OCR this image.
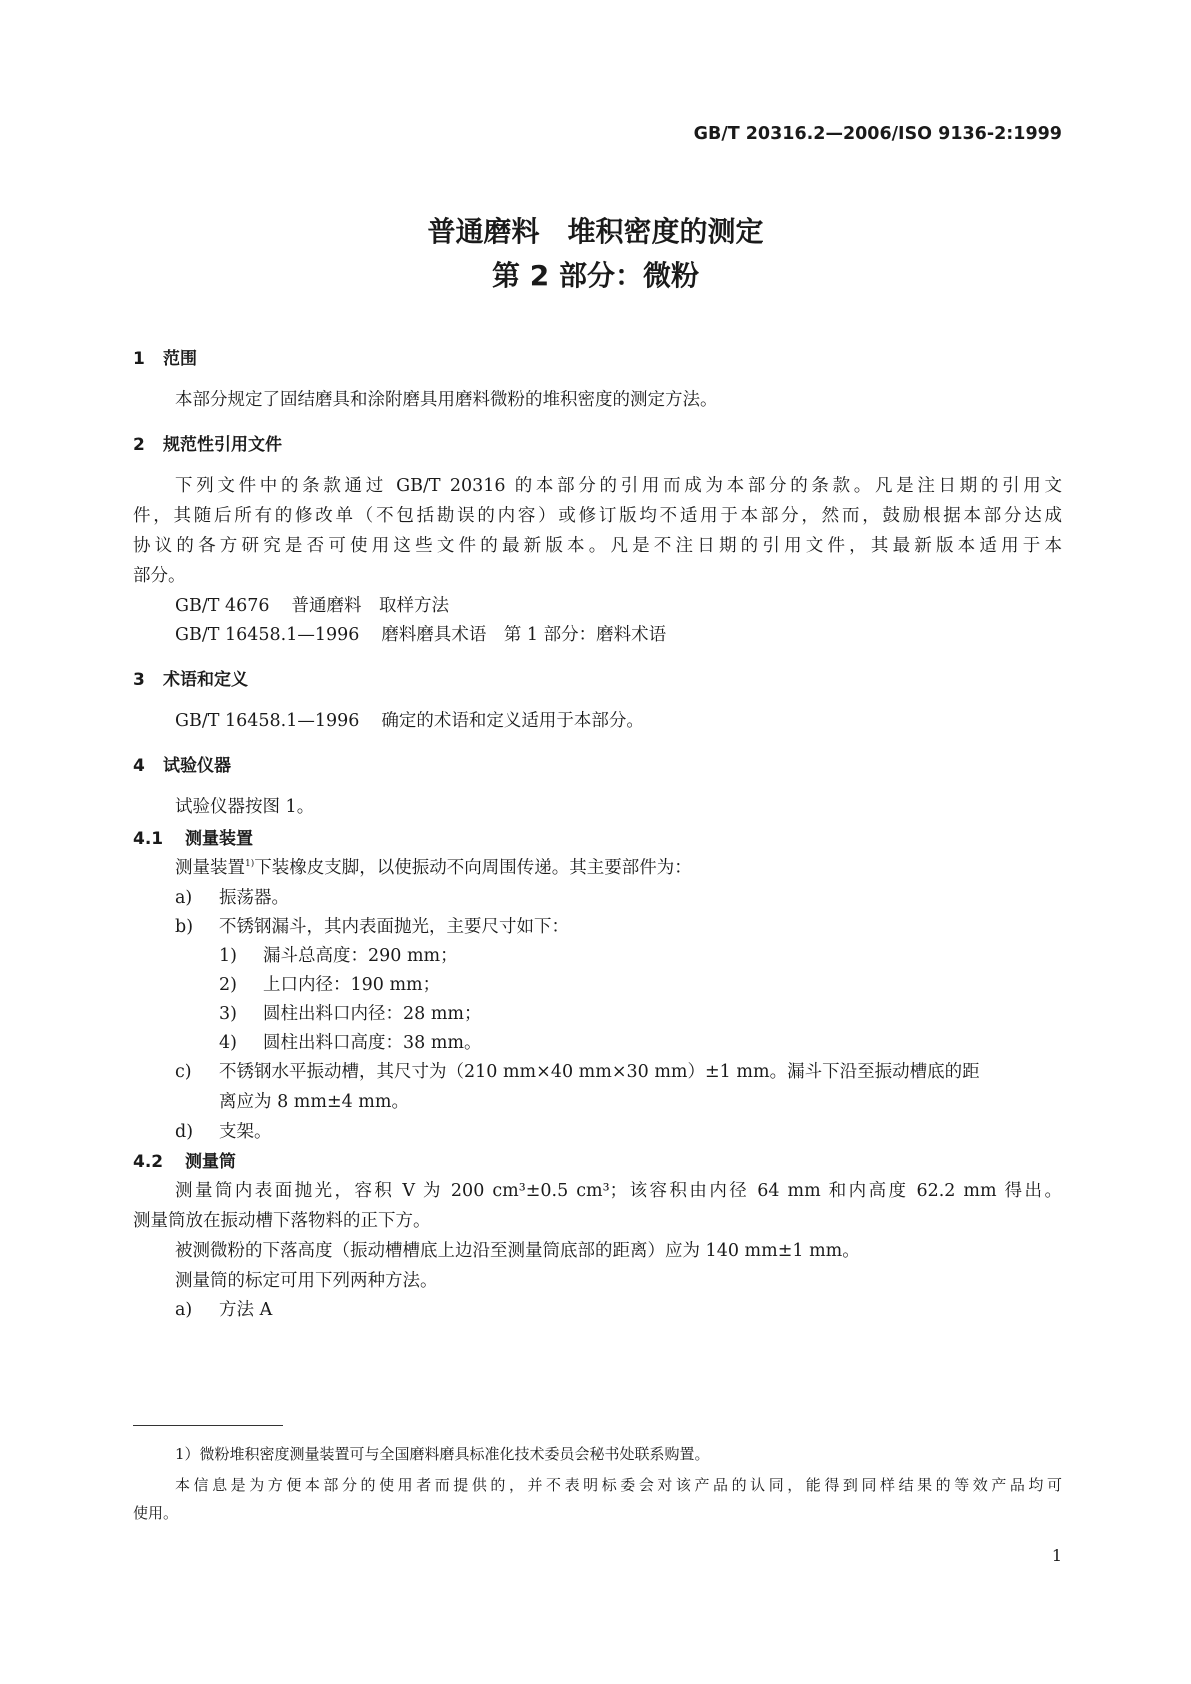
GB/T 20316.2—2006/ISO 9136-2:1999
普通磨料　堆积密度的测定
第 2 部分：微粉
1 范围
本部分规定了固结磨具和涂附磨具用磨料微粉的堆积密度的测定方法。
2 规范性引用文件
下列文件中的条款通过 GB/T 20316 的本部分的引用而成为本部分的条款。凡是注日期的引用文
件，其随后所有的修改单（不包括勘误的内容）或修订版均不适用于本部分，然而，鼓励根据本部分达成
协议的各方研究是否可使用这些文件的最新版本。凡是不注日期的引用文件，其最新版本适用于本
部分。
GB/T 4676 普通磨料　取样方法
GB/T 16458.1—1996 磨料磨具术语　第 1 部分：磨料术语
3 术语和定义
GB/T 16458.1—1996 确定的术语和定义适用于本部分。
4 试验仪器
试验仪器按图 1。
4.1 测量装置
测量装置$^{1)}$下装橡皮支脚，以使振动不向周围传递。其主要部件为：
a) 振荡器。
b) 不锈钢漏斗，其内表面抛光，主要尺寸如下：
1) 漏斗总高度：290 mm；
2) 上口内径：190 mm；
3) 圆柱出料口内径：28 mm；
4) 圆柱出料口高度：38 mm。
c) 不锈钢水平振动槽，其尺寸为（210 mm×40 mm×30 mm）±1 mm。漏斗下沿至振动槽底的距
离应为 8 mm±4 mm。
d) 支架。
4.2 测量筒
测量筒内表面抛光，容积 V 为 200 cm³±0.5 cm³；该容积由内径 64 mm 和内高度 62.2 mm 得出。
测量筒放在振动槽下落物料的正下方。
被测微粉的下落高度（振动槽槽底上边沿至测量筒底部的距离）应为 140 mm±1 mm。
测量筒的标定可用下列两种方法。
a) 方法 A
1）微粉堆积密度测量装置可与全国磨料磨具标准化技术委员会秘书处联系购置。
本信息是为方便本部分的使用者而提供的，并不表明标委会对该产品的认同，能得到同样结果的等效产品均可
使用。
1
